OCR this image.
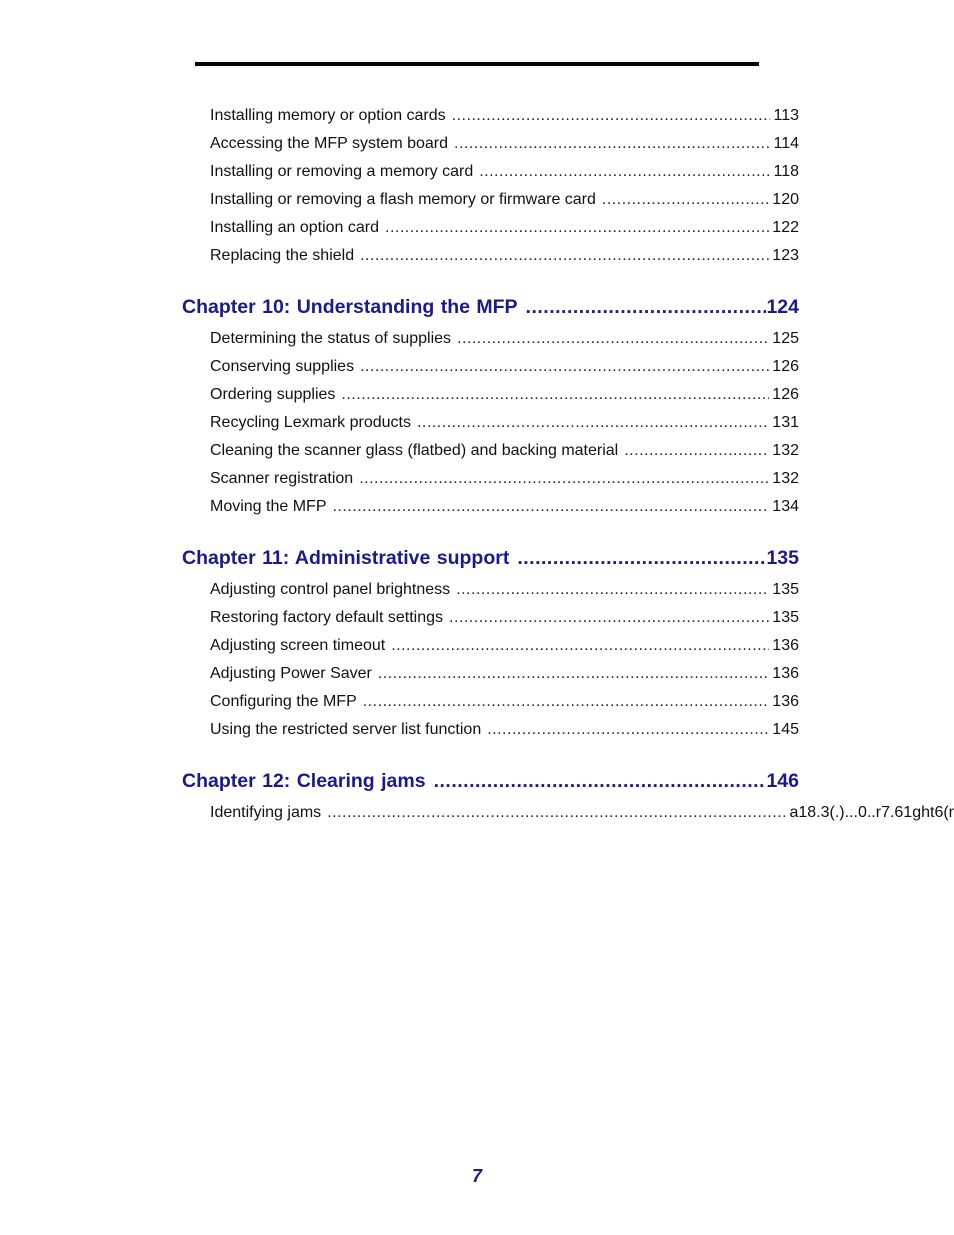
Installing memory or option cards .....	113
Accessing the MFP system board .....	114
Installing or removing a memory card .....	118
Installing or removing a flash memory or firmware card .....	120
Installing an option card .....	122
Replacing the shield .....	123
Chapter 10: Understanding the MFP .....	124
Determining the status of supplies .....	125
Conserving supplies .....	126
Ordering supplies .....	126
Recycling Lexmark products .....	131
Cleaning the scanner glass (flatbed) and backing material .....	132
Scanner registration .....	132
Moving the MFP .....	134
Chapter 11: Administrative support .....	135
Adjusting control panel brightness .....	135
Restoring factory default settings .....	135
Adjusting screen timeout .....	136
Adjusting Power Saver .....	136
Configuring the MFP .....	136
Using the restricted server list function .....	145
Chapter 12: Clearing jams .....	146
Identifying jams .....	a18.3(.)...0..r7.61ght6(r
7
